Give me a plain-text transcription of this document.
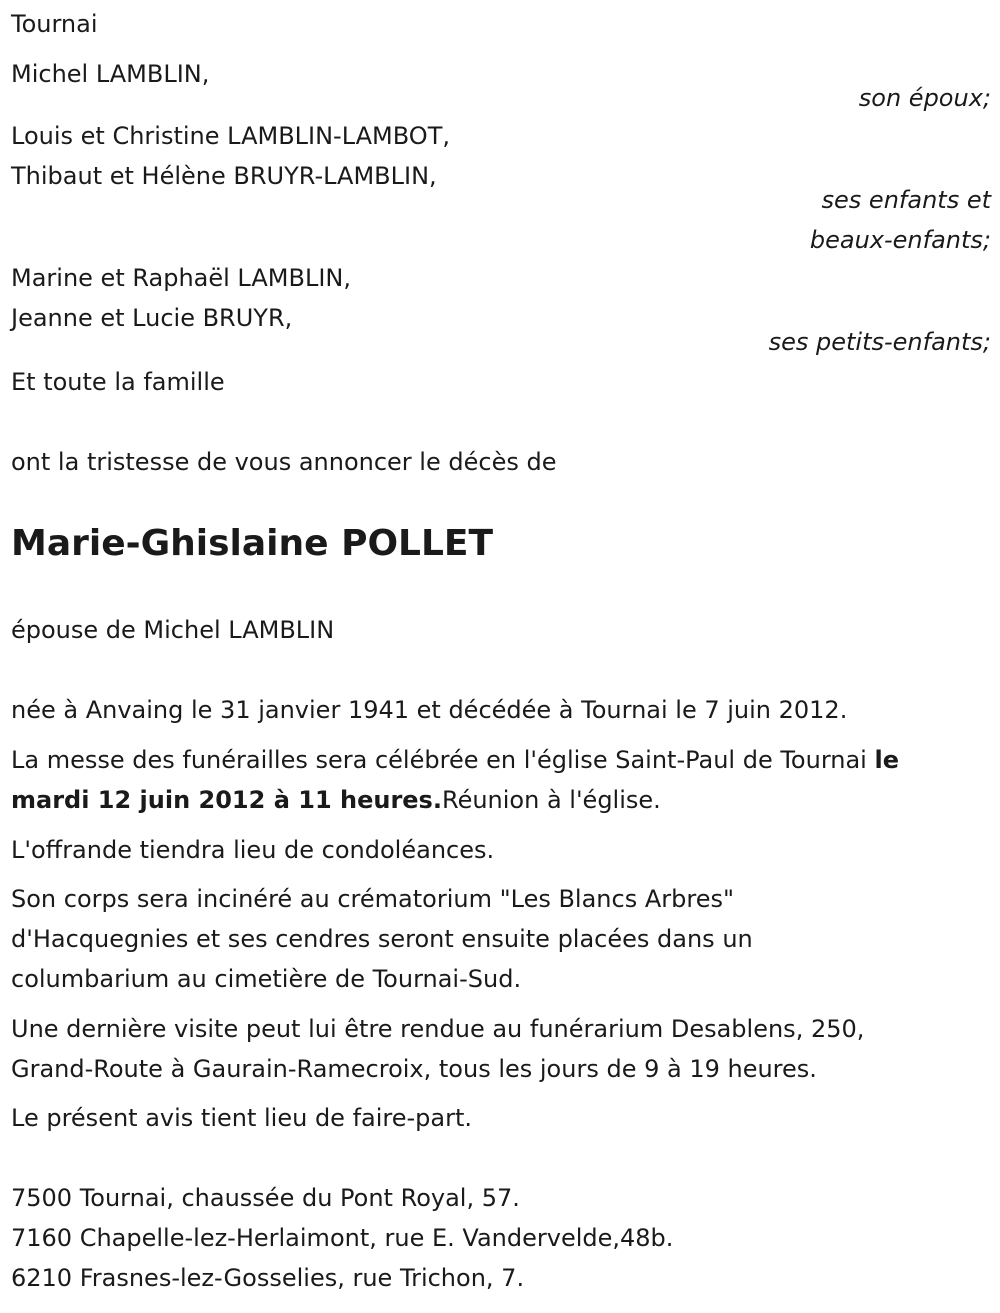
Tournai
Michel LAMBLIN,
son époux;
Louis et Christine LAMBLIN-LAMBOT,
Thibaut et Hélène BRUYR-LAMBLIN,
ses enfants et
beaux-enfants;
Marine et Raphaël LAMBLIN,
Jeanne et Lucie BRUYR,
ses petits-enfants;
Et toute la famille
ont la tristesse de vous annoncer le décès de
Marie-Ghislaine POLLET
épouse de Michel LAMBLIN
née à Anvaing le 31 janvier 1941 et décédée à Tournai le 7 juin 2012.
La messe des funérailles sera célébrée en l'église Saint-Paul de Tournai le
mardi 12 juin 2012 à 11 heures.Réunion à l'église.
L'offrande tiendra lieu de condoléances.
Son corps sera incinéré au crématorium "Les Blancs Arbres"
d'Hacquegnies et ses cendres seront ensuite placées dans un
columbarium au cimetière de Tournai-Sud.
Une dernière visite peut lui être rendue au funérarium Desablens, 250,
Grand-Route à Gaurain-Ramecroix, tous les jours de 9 à 19 heures.
Le présent avis tient lieu de faire-part.
7500 Tournai, chaussée du Pont Royal, 57.
7160 Chapelle-lez-Herlaimont, rue E. Vandervelde,48b.
6210 Frasnes-lez-Gosselies, rue Trichon, 7.
